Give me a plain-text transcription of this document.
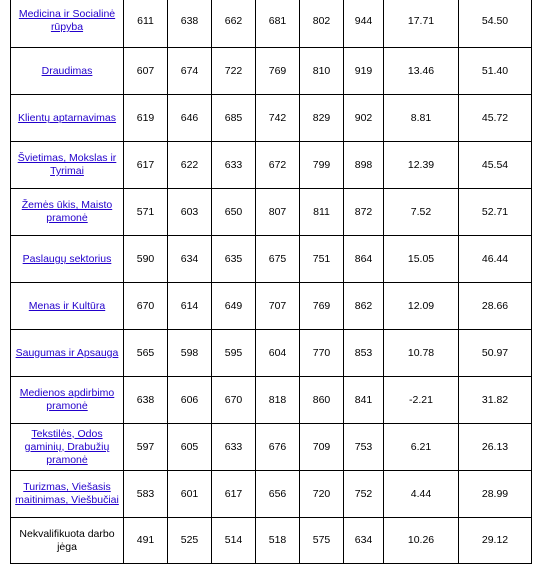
Medicina ir Socialinė rūpyba	611	638	662	681	802	944	17.71	54.50
Draudimas	607	674	722	769	810	919	13.46	51.40
Klientų aptarnavimas	619	646	685	742	829	902	8.81	45.72
Švietimas, Mokslas ir Tyrimai	617	622	633	672	799	898	12.39	45.54
Žemės ūkis, Maisto pramonė	571	603	650	807	811	872	7.52	52.71
Paslaugų sektorius	590	634	635	675	751	864	15.05	46.44
Menas ir Kultūra	670	614	649	707	769	862	12.09	28.66
Saugumas ir Apsauga	565	598	595	604	770	853	10.78	50.97
Medienos apdirbimo pramonė	638	606	670	818	860	841	-2.21	31.82
Tekstilės, Odos gaminių, Drabužių pramonė	597	605	633	676	709	753	6.21	26.13
Turizmas, Viešasis maitinimas, Viešbučiai	583	601	617	656	720	752	4.44	28.99
Nekvalifikuota darbo jėga	491	525	514	518	575	634	10.26	29.12
